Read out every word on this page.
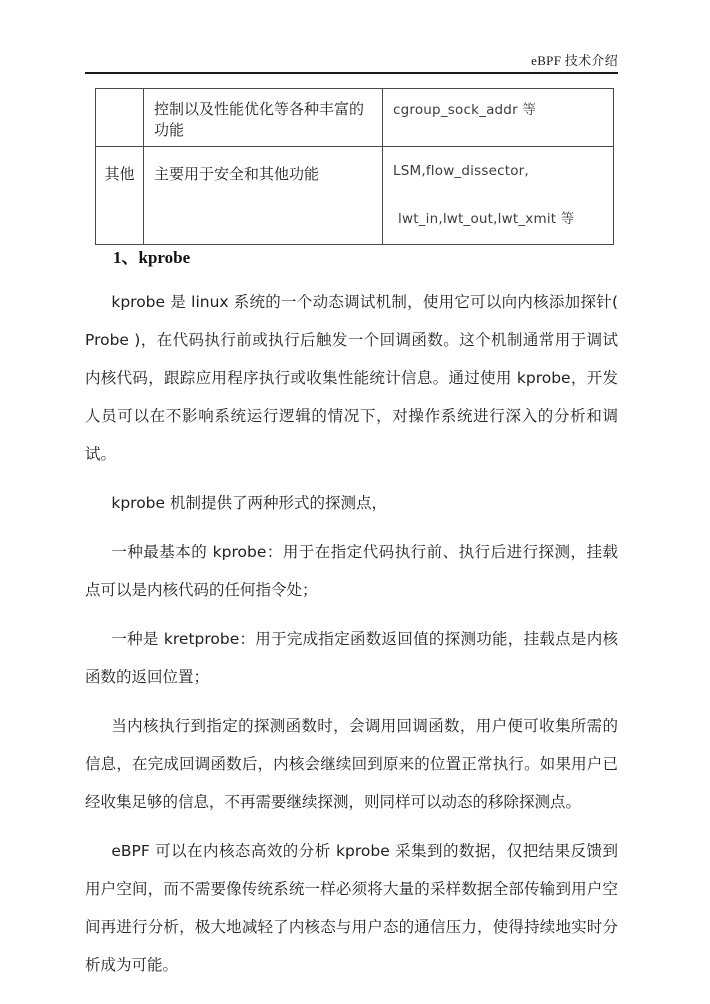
eBPF 技术介绍
	控制以及性能优化等各种丰富的功能	cgroup_sock_addr 等

其他	主要用于安全和其他功能	LSM,flow_dissector,
lwt_in,lwt_out,lwt_xmit 等
1、kprobe

kprobe 是 linux 系统的一个动态调试机制，使用它可以向内核添加探针( Probe )，在代码执行前或执行后触发一个回调函数。这个机制通常用于调试内核代码，跟踪应用程序执行或收集性能统计信息。通过使用 kprobe，开发人员可以在不影响系统运行逻辑的情况下，对操作系统进行深入的分析和调试。

kprobe 机制提供了两种形式的探测点，

一种最基本的 kprobe：用于在指定代码执行前、执行后进行探测，挂载点可以是内核代码的任何指令处；

一种是 kretprobe：用于完成指定函数返回值的探测功能，挂载点是内核函数的返回位置；

当内核执行到指定的探测函数时，会调用回调函数，用户便可收集所需的信息，在完成回调函数后，内核会继续回到原来的位置正常执行。如果用户已经收集足够的信息，不再需要继续探测，则同样可以动态的移除探测点。

eBPF 可以在内核态高效的分析 kprobe 采集到的数据，仅把结果反馈到用户空间，而不需要像传统系统一样必须将大量的采样数据全部传输到用户空间再进行分析，极大地减轻了内核态与用户态的通信压力，使得持续地实时分析成为可能。
